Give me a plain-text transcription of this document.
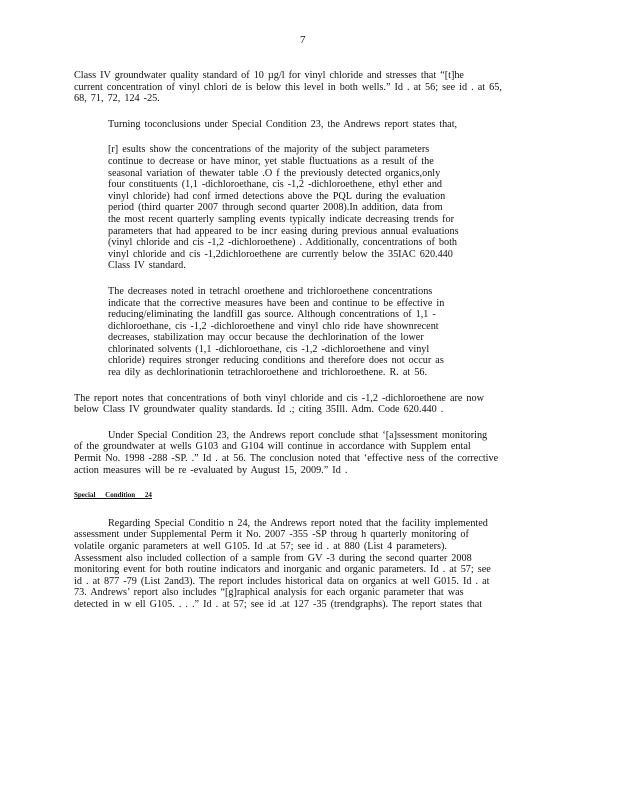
7
Class IV groundwater quality standard of 10 µg/l for vinyl chloride and stresses that “[t]he
current concentration of vinyl chlori de is below this level in both wells.” Id . at 56; see id . at 65,
68, 71, 72, 124 -25.
Turning toconclusions under Special Condition 23, the Andrews report states that,
[r] esults show the concentrations of the majority of the subject parameters
continue to decrease or have minor, yet stable fluctuations as a result of the
seasonal variation of thewater table .O f the previously detected organics,only
four constituents (1,1 -dichloroethane, cis -1,2 -dichloroethene, ethyl ether and
vinyl chloride) had conf irmed detections above the PQL during the evaluation
period (third quarter 2007 through second quarter 2008).In addition, data from
the most recent quarterly sampling events typically indicate decreasing trends for
parameters that had appeared to be incr easing during previous annual evaluations
(vinyl chloride and cis -1,2 -dichloroethene) . Additionally, concentrations of both
vinyl chloride and cis -1,2dichloroethene are currently below the 35IAC 620.440
Class IV standard.
The decreases noted in tetrachl oroethene and trichloroethene concentrations
indicate that the corrective measures have been and continue to be effective in
reducing/eliminating the landfill gas source. Although concentrations of 1,1 -
dichloroethane, cis -1,2 -dichloroethene and vinyl chlo ride have shownrecent
decreases, stabilization may occur because the dechlorination of the lower
chlorinated solvents (1,1 -dichloroethane, cis -1,2 -dichloroethene and vinyl
chloride) requires stronger reducing conditions and therefore does not occur as
rea dily as dechlorinationin tetrachloroethene and trichloroethene. R. at 56.
The report notes that concentrations of both vinyl chloride and cis -1,2 -dichloroethene are now
below Class IV groundwater quality standards. Id .; citing 35Ill. Adm. Code 620.440 .
Under Special Condition 23, the Andrews report conclude sthat ‘[a]ssessment monitoring
of the groundwater at wells G103 and G104 will continue in accordance with Supplem ental
Permit No. 1998 -288 -SP. .” Id . at 56. The conclusion noted that ‘effective ness of the corrective
action measures will be re -evaluated by August 15, 2009.” Id .
Special Condition 24
Regarding Special Conditio n 24, the Andrews report noted that the facility implemented
assessment under Supplemental Perm it No. 2007 -355 -SP throug h quarterly monitoring of
volatile organic parameters at well G105. Id .at 57; see id . at 880 (List 4 parameters).
Assessment also included collection of a sample from GV -3 during the second quarter 2008
monitoring event for both routine indicators and inorganic and organic parameters. Id . at 57; see
id . at 877 -79 (List 2and3). The report includes historical data on organics at well G015. Id . at
73. Andrews’ report also includes “[g]raphical analysis for each organic parameter that was
detected in w ell G105. . . .” Id . at 57; see id .at 127 -35 (trendgraphs). The report states that
